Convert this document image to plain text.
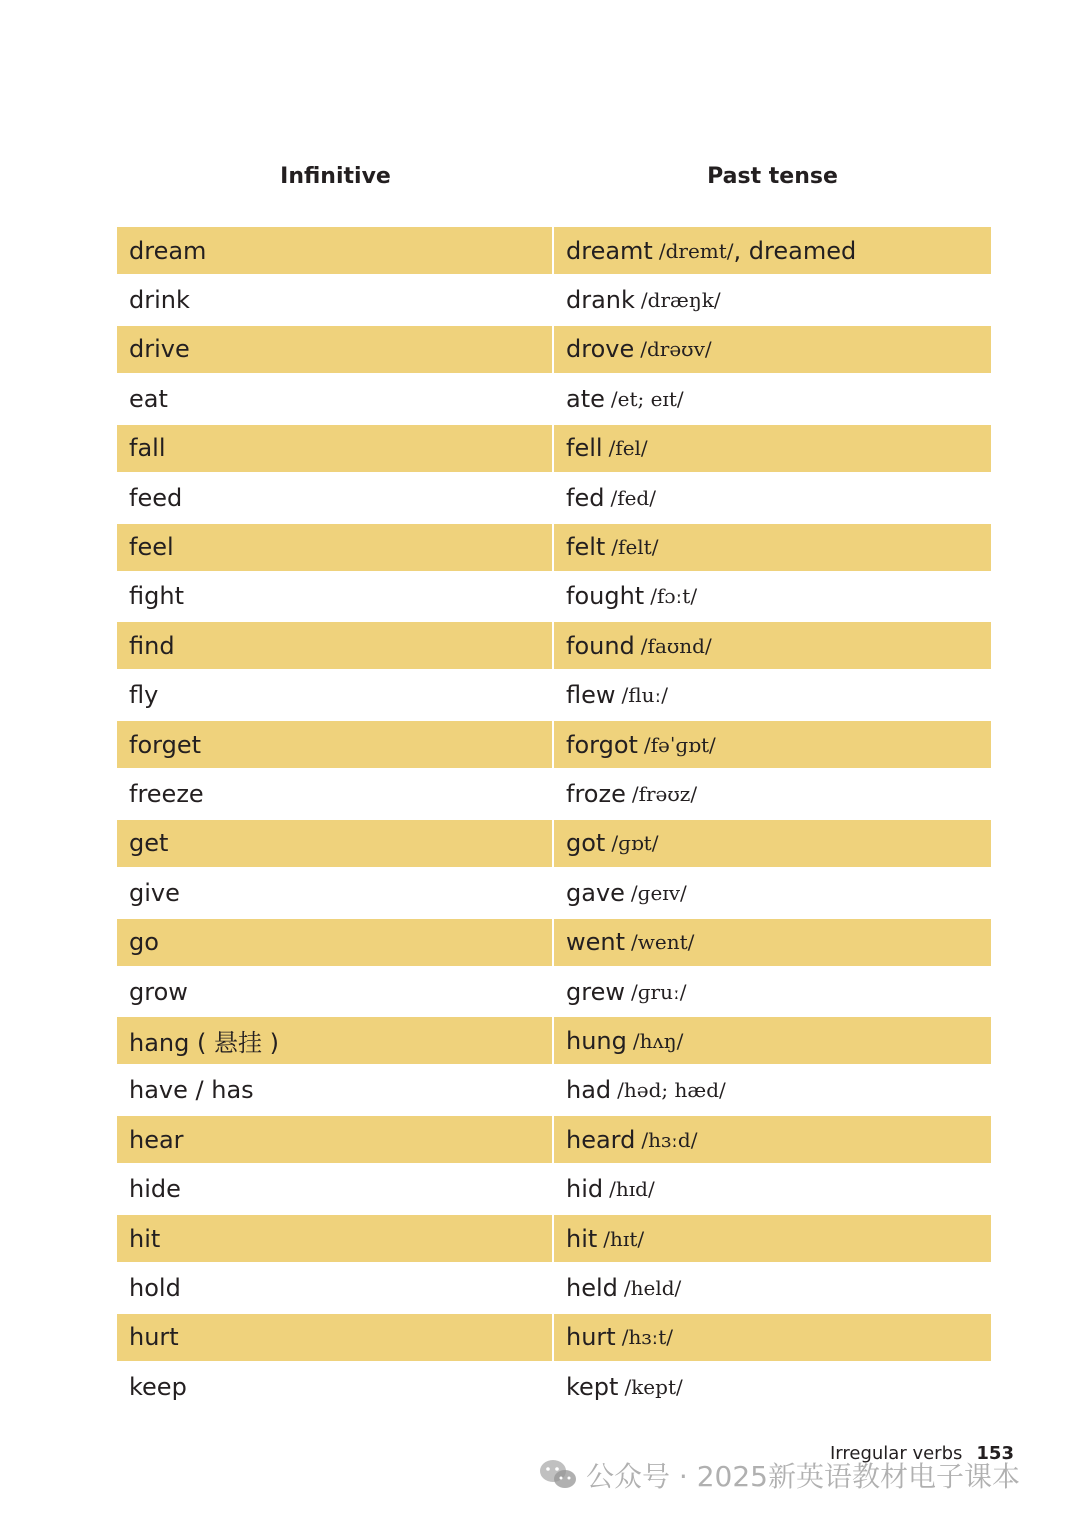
Infinitive	Past tense
dream	dreamt /dremt/ , dreamed
drink	drank /dræŋk/
drive	drove /drəʊv/
eat	ate /et; eɪt/
fall	fell /fel/
feed	fed /fed/
feel	felt /felt/
fight	fought /fɔːt/
find	found /faʊnd/
fly	flew /fluː/
forget	forgot /fəˈɡɒt/
freeze	froze /frəʊz/
get	got /ɡɒt/
give	gave /ɡeɪv/
go	went /went/
grow	grew /ɡruː/
hang ( 悬挂 )	hung /hʌŋ/
have / has	had /həd; hæd/
hear	heard /hɜːd/
hide	hid /hɪd/
hit	hit /hɪt/
hold	held /held/
hurt	hurt /hɜːt/
keep	kept /kept/
Irregular verbs 153
公众号 · 2025新英语教材电子课本
